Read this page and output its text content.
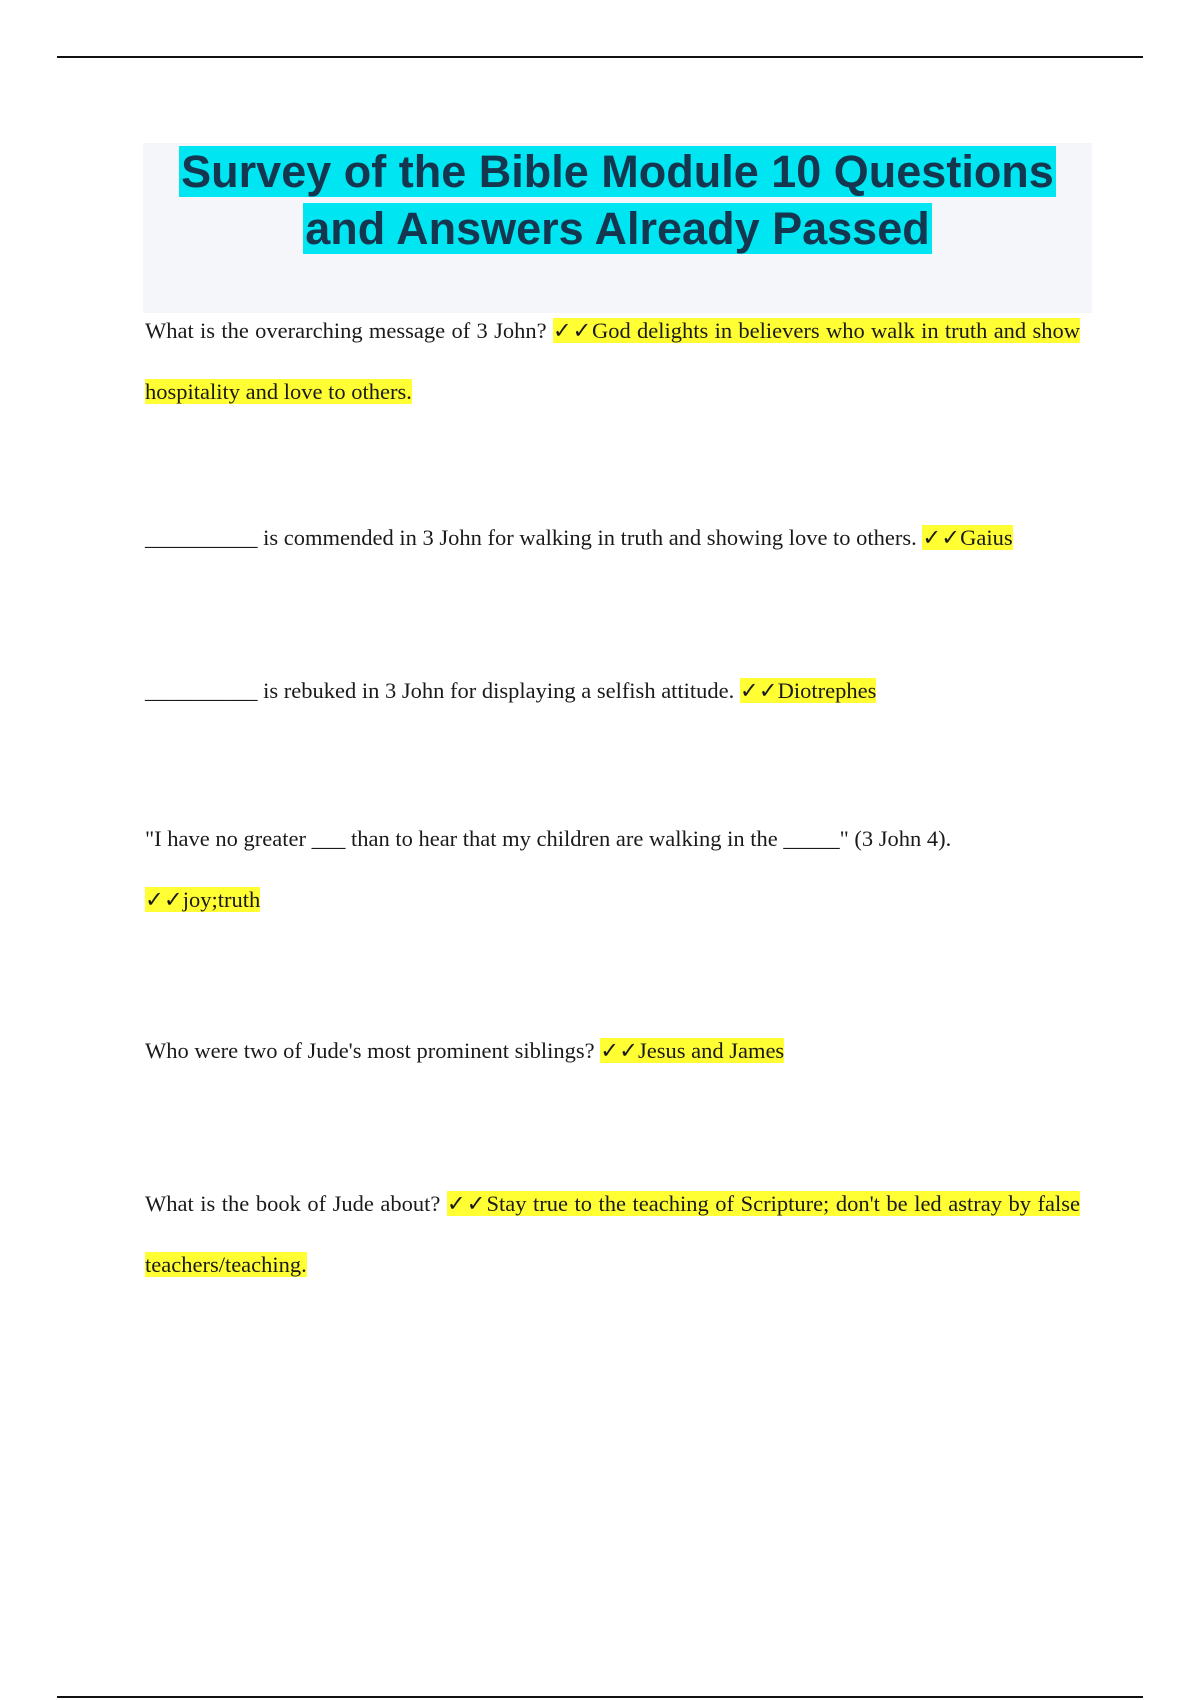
Survey of the Bible Module 10 Questions
and Answers Already Passed
What is the overarching message of 3 John? ✓✓God delights in believers who walk in truth and show hospitality and love to others.
__________ is commended in 3 John for walking in truth and showing love to others. ✓✓Gaius
__________ is rebuked in 3 John for displaying a selfish attitude. ✓✓Diotrephes
"I have no greater ___ than to hear that my children are walking in the _____" (3 John 4).
✓✓joy;truth
Who were two of Jude's most prominent siblings? ✓✓Jesus and James
What is the book of Jude about? ✓✓Stay true to the teaching of Scripture; don't be led astray by false teachers/teaching.
